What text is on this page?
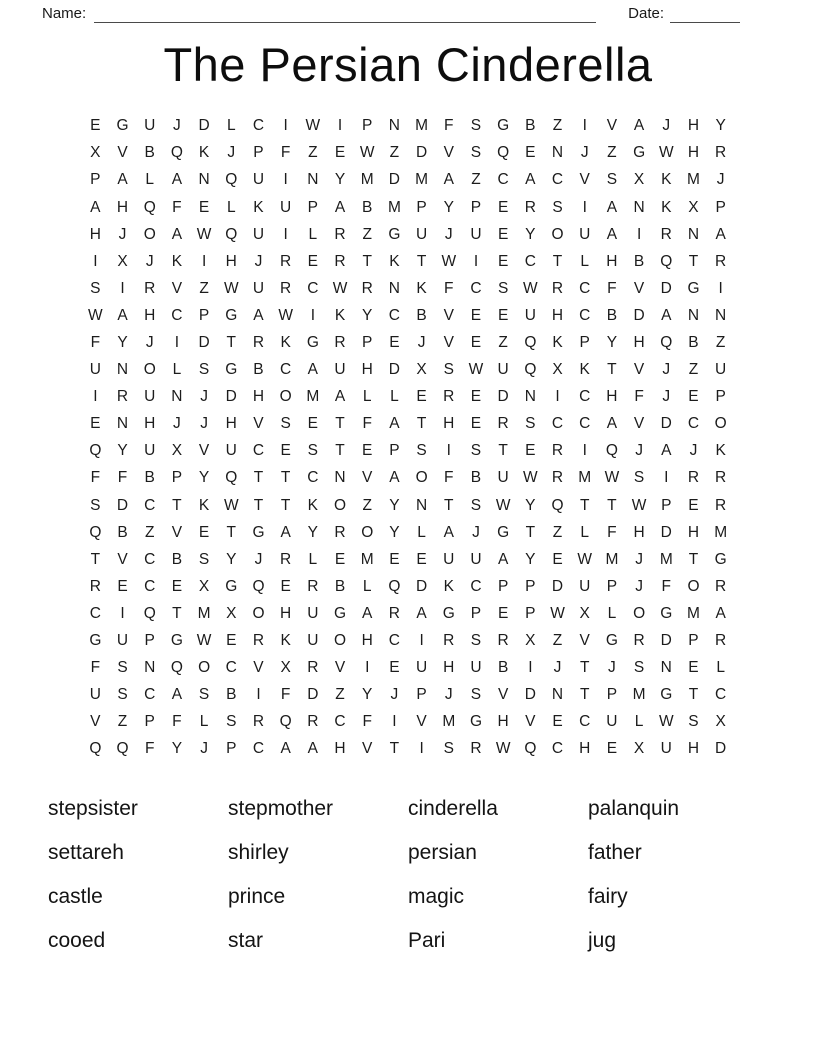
Name:	Date:
The Persian Cinderella
E	G	U	J	D	L	C	I	W	I	P	N M	F	S	G	B	Z	I	V	A	J	H	Y
X	V	B	Q	K	J	P	F	Z	E W Z	D	V	S	Q	E	N	J	Z	G W H	R
P	A	L	A	N	Q	U	I	N	Y	M D M	A	Z	C	A	C	V	S	X	K	M	J
A	H	Q	F	E	L	K	U	P	A	B	M	P	Y	P	E	R	S	I	A	N	K	X	P
H	J	O	A W Q	U	I	L	R	Z	G	U	J	U	E	Y	O	U	A	I	R	N	A
I	X	J	K	I	H	J	R	E	R	T	K	T W	I	E	C	T	L	H	B	Q	T	R
S	I	R	V	Z W U	R	C W R	N	K	F	C	S W R	C	F	V	D	G	I
W A	H	C	P	G	A W	I	K	Y	C	B	V	E	E	U	H	C	B	D	A	N	N
F	Y	J	I	D	T	R	K	G	R	P	E	J	V	E	Z	Q	K	P	Y	H	Q	B	Z
U	N	O	L	S	G	B	C	A	U	H	D	X	S W U	Q	X	K	T	V	J	Z	U
I	R	U	N	J	D	H	O M	A	L	L	E	R	E	D	N	I	C	H	F	J	E	P
E	N	H	J	J	H	V	S	E	T	F	A	T	H	E	R	S	C	C	A	V	D	C	O
Q	Y	U	X	V	U	C	E	S	T	E	P	S	I	S	T	E	R	I	Q	J	A	J	K
F	F	B	P	Y	Q	T	T	C	N	V	A	O	F	B	U W R M W S	I	R	R
S	D	C	T	K W T	T	K	O	Z	Y	N	T	S W Y	Q	T	T W P	E	R
Q	B	Z	V	E	T	G	A	Y	R	O	Y	L	A	J	G	T	Z	L	F	H	D	H M
T	V	C	B	S	Y	J	R	L	E	M	E	E	U	U	A	Y	E W M	J	M	T	G
R	E	C	E	X	G Q	E	R	B	L	Q	D	K	C	P	P	D	U	P	J	F	O	R
C	I	Q	T	M	X	O	H	U	G	A	R	A	G	P	E	P W X	L	O G M	A
G	U	P	G W E	R	K	U	O	H	C	I	R	S	R	X	Z	V	G	R	D	P	R
F	S	N	Q O	C	V	X	R	V	I	E	U	H	U	B	I	J	T	J	S	N	E	L
U	S	C	A	S	B	I	F	D	Z	Y	J	P	J	S	V	D	N	T	P	M G	T	C
V	Z	P	F	L	S	R	Q	R	C	F	I	V	M G	H	V	E	C	U	L	W S	X
Q Q	F	Y	J	P	C	A	A	H	V	T	I	S	R W Q	C	H	E	X	U	H	D
stepsister	stepmother	cinderella	palanquin
settareh	shirley	persian	father
castle	prince	magic	fairy
cooed	star	Pari	jug
